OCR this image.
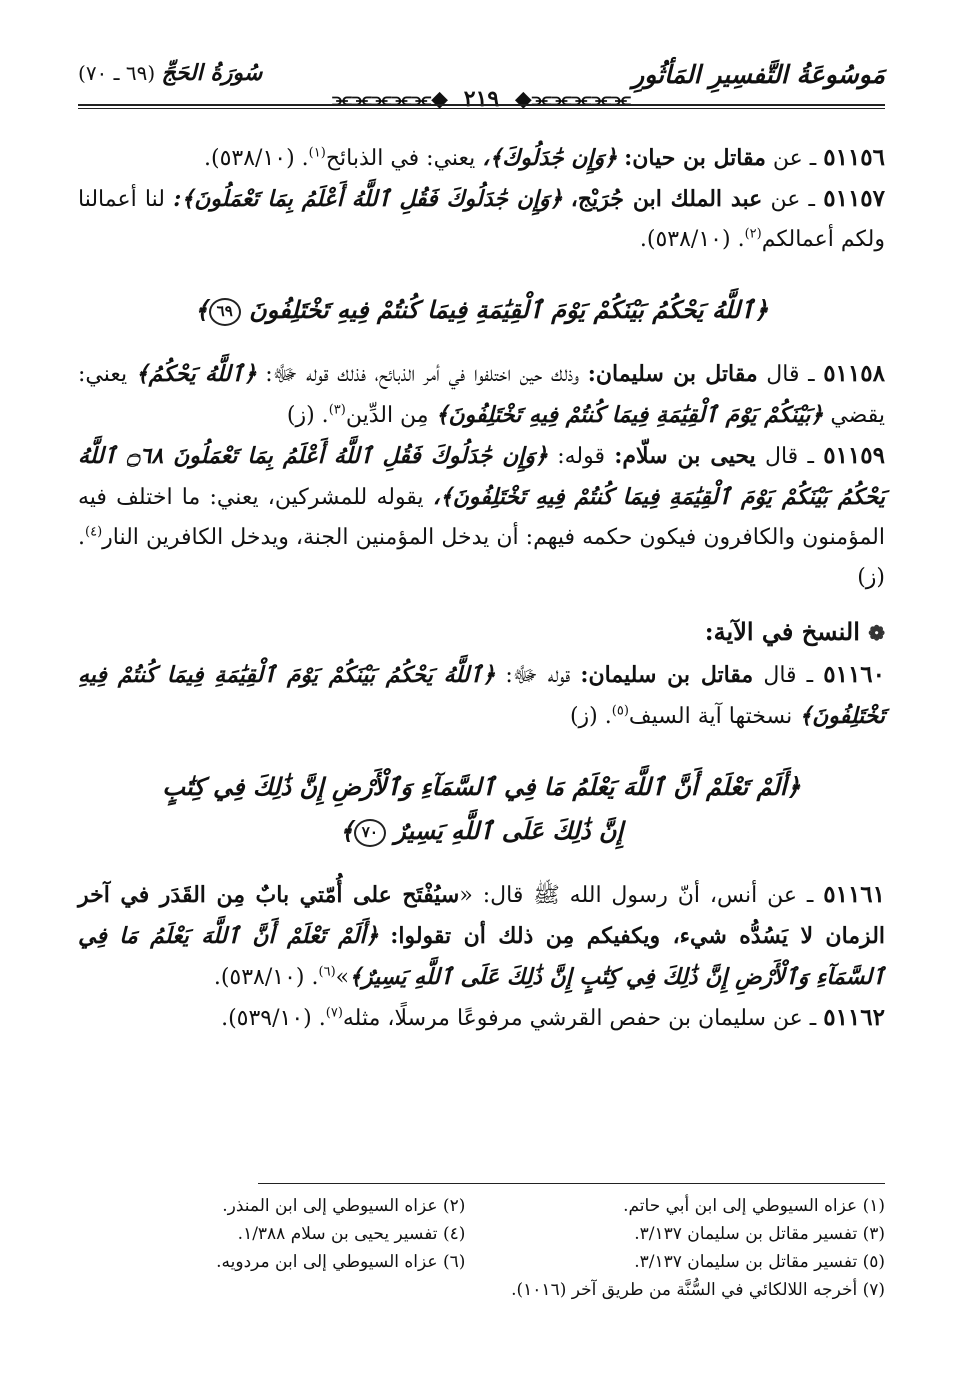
مَوسُوعَةُ التَّفسِيرِ المَأثُورِ
⫘⫘⫘⫘⫘◆ ٢١٩ ◆⫘⫘⫘⫘⫘
سُورَةُ الحَجِّ (٦٩ ـ ٧٠)

٥١١٥٦ ـ عن مقاتل بن حيان: ﴿وَإِن جَٰدَلُوكَ﴾، يعني: في الذبائح$^{(١)}$. (٥٣٨/١٠).

٥١١٥٧ ـ عن عبد الملك ابن جُرَيْج، ﴿وَإِن جَٰدَلُوكَ فَقُلِ ٱللَّهُ أَعْلَمُ بِمَا تَعْمَلُونَ﴾: لنا أعمالنا ولكم أعمالكم$^{(٢)}$. (٥٣٨/١٠).

﴿ٱللَّهُ يَحْكُمُ بَيْنَكُمْ يَوْمَ ٱلْقِيَٰمَةِ فِيمَا كُنتُمْ فِيهِ تَخْتَلِفُونَ ٦٩﴾

٥١١٥٨ ـ قال مقاتل بن سليمان: وذلك حين اختلفوا في أمر الذبائح، فذلك قوله ﷻ: ﴿ٱللَّهُ يَحْكُمُ﴾ يعني: يقضي ﴿بَيْنَكُمْ يَوْمَ ٱلْقِيَٰمَةِ فِيمَا كُنتُمْ فِيهِ تَخْتَلِفُونَ﴾ مِن الدِّين$^{(٣)}$. (ز)

٥١١٥٩ ـ قال يحيى بن سلّام: قوله: ﴿وَإِن جَٰدَلُوكَ فَقُلِ ٱللَّهُ أَعْلَمُ بِمَا تَعْمَلُونَ ۝٦٨ ٱللَّهُ يَحْكُمُ بَيْنَكُمْ يَوْمَ ٱلْقِيَٰمَةِ فِيمَا كُنتُمْ فِيهِ تَخْتَلِفُونَ﴾، يقوله للمشركين، يعني: ما اختلف فيه المؤمنون والكافرون فيكون حكمه فيهم: أن يدخل المؤمنين الجنة، ويدخل الكافرين النار$^{(٤)}$. (ز)

❁ النسخ في الآية:

٥١١٦٠ ـ قال مقاتل بن سليمان: قوله ﷻ: ﴿ٱللَّهُ يَحْكُمُ بَيْنَكُمْ يَوْمَ ٱلْقِيَٰمَةِ فِيمَا كُنتُمْ فِيهِ تَخْتَلِفُونَ﴾ نسختها آية السيف$^{(٥)}$. (ز)

﴿أَلَمْ تَعْلَمْ أَنَّ ٱللَّهَ يَعْلَمُ مَا فِي ٱلسَّمَآءِ وَٱلْأَرْضِ إِنَّ ذَٰلِكَ فِي كِتَٰبٍ
إِنَّ ذَٰلِكَ عَلَى ٱللَّهِ يَسِيرٌ ٧٠﴾

٥١١٦١ ـ عن أنس، أنّ رسول الله ﷺ قال: «سيُفْتَح على أُمّتي بابٌ مِن القَدَر في آخر الزمان لا يَسُدُّه شيء، ويكفيكم مِن ذلك أن تقولوا: ﴿أَلَمْ تَعْلَمْ أَنَّ ٱللَّهَ يَعْلَمُ مَا فِي ٱلسَّمَآءِ وَٱلْأَرْضِ إِنَّ ذَٰلِكَ فِي كِتَٰبٍ إِنَّ ذَٰلِكَ عَلَى ٱللَّهِ يَسِيرٌ﴾»$^{(٦)}$. (٥٣٨/١٠).

٥١١٦٢ ـ عن سليمان بن حفص القرشي مرفوعًا مرسلًا، مثله$^{(٧)}$. (٥٣٩/١٠).

(١) عزاه السيوطي إلى ابن أبي حاتم.
(٢) عزاه السيوطي إلى ابن المنذر.
(٣) تفسير مقاتل بن سليمان ٣/١٣٧.
(٤) تفسير يحيى بن سلام ١/٣٨٨.
(٥) تفسير مقاتل بن سليمان ٣/١٣٧.
(٦) عزاه السيوطي إلى ابن مردويه.
(٧) أخرجه اللالكائي في السُّنَّة من طريق آخر (١٠١٦).
